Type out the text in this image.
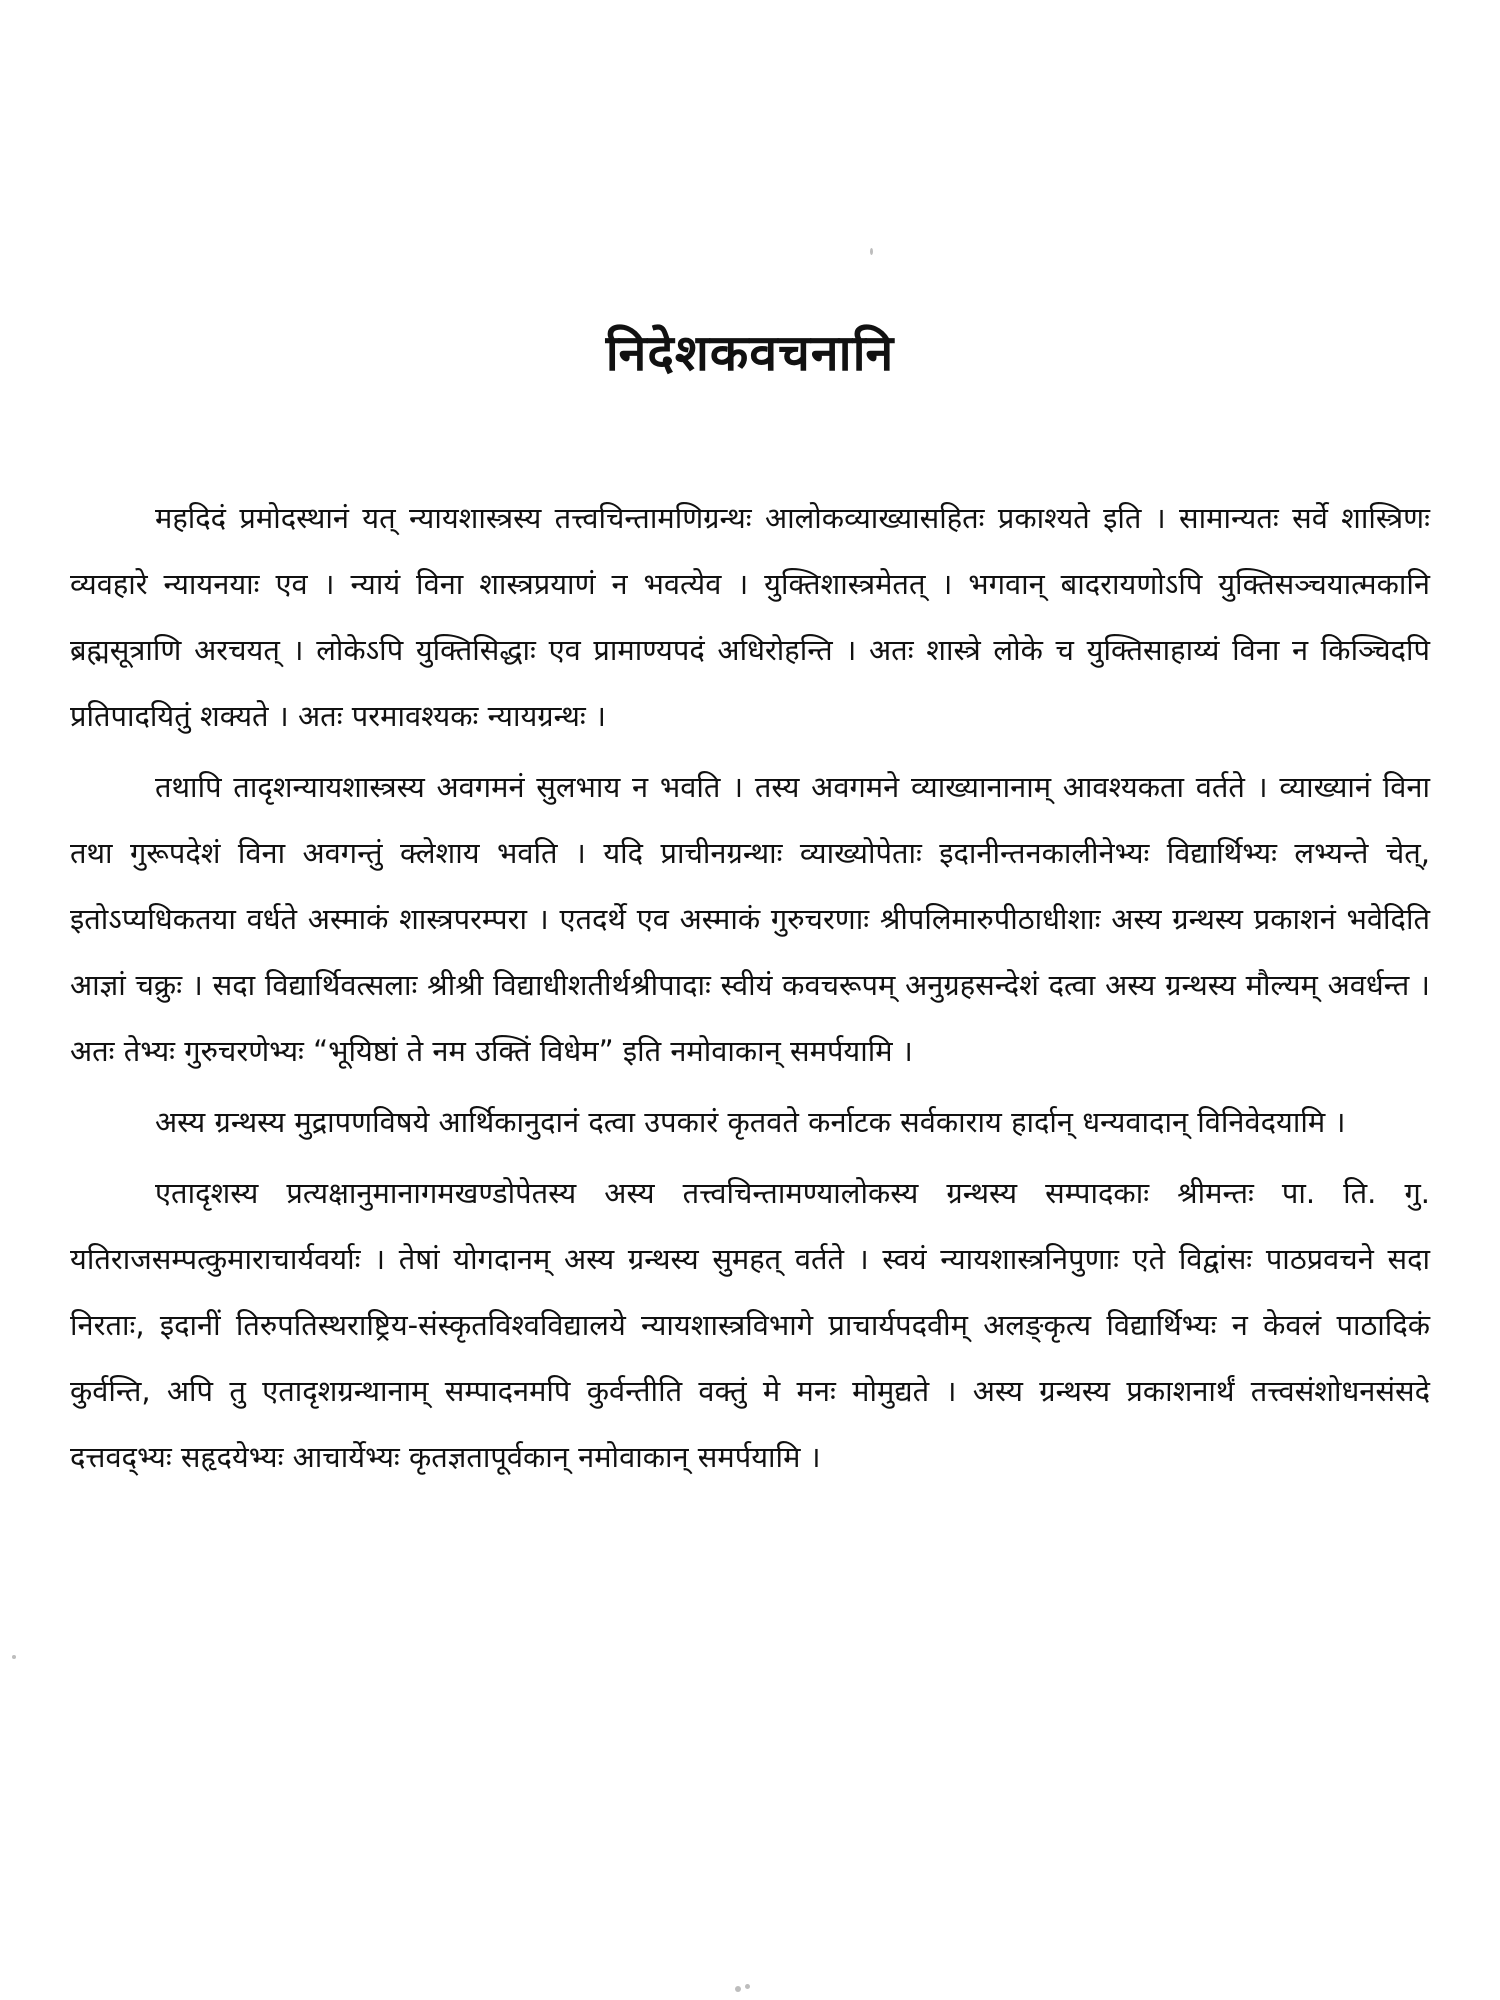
निदेशकवचनानि

महदिदं प्रमोदस्थानं यत् न्यायशास्त्रस्य तत्त्वचिन्तामणिग्रन्थः आलोकव्याख्यासहितः प्रकाश्यते इति । सामान्यतः सर्वे शास्त्रिणः व्यवहारे न्यायनयाः एव । न्यायं विना शास्त्रप्रयाणं न भवत्येव । युक्तिशास्त्रमेतत् । भगवान् बादरायणोऽपि युक्तिसञ्चयात्मकानि ब्रह्मसूत्राणि अरचयत् । लोकेऽपि युक्तिसिद्धाः एव प्रामाण्यपदं अधिरोहन्ति । अतः शास्त्रे लोके च युक्तिसाहाय्यं विना न किञ्चिदपि प्रतिपादयितुं शक्यते । अतः परमावश्यकः न्यायग्रन्थः ।

तथापि तादृशन्यायशास्त्रस्य अवगमनं सुलभाय न भवति । तस्य अवगमने व्याख्यानानाम् आवश्यकता वर्तते । व्याख्यानं विना तथा गुरूपदेशं विना अवगन्तुं क्लेशाय भवति । यदि प्राचीनग्रन्थाः व्याख्योपेताः इदानीन्तनकालीनेभ्यः विद्यार्थिभ्यः लभ्यन्ते चेत्, इतोऽप्यधिकतया वर्धते अस्माकं शास्त्रपरम्परा । एतदर्थे एव अस्माकं गुरुचरणाः श्रीपलिमारुपीठाधीशाः अस्य ग्रन्थस्य प्रकाशनं भवेदिति आज्ञां चक्रुः । सदा विद्यार्थिवत्सलाः श्रीश्री विद्याधीशतीर्थश्रीपादाः स्वीयं कवचरूपम् अनुग्रहसन्देशं दत्वा अस्य ग्रन्थस्य मौल्यम् अवर्धन्त । अतः तेभ्यः गुरुचरणेभ्यः “भूयिष्ठां ते नम उक्तिं विधेम” इति नमोवाकान् समर्पयामि ।

अस्य ग्रन्थस्य मुद्रापणविषये आर्थिकानुदानं दत्वा उपकारं कृतवते कर्नाटक सर्वकाराय हार्दान् धन्यवादान् विनिवेदयामि ।

एतादृशस्य प्रत्यक्षानुमानागमखण्डोपेतस्य अस्य तत्त्वचिन्तामण्यालोकस्य ग्रन्थस्य सम्पादकाः श्रीमन्तः पा. ति. गु. यतिराजसम्पत्कुमाराचार्यवर्याः । तेषां योगदानम् अस्य ग्रन्थस्य सुमहत् वर्तते । स्वयं न्यायशास्त्रनिपुणाः एते विद्वांसः पाठप्रवचने सदा निरताः, इदानीं तिरुपतिस्थराष्ट्रिय-संस्कृतविश्वविद्यालये न्यायशास्त्रविभागे प्राचार्यपदवीम् अलङ्कृत्य विद्यार्थिभ्यः न केवलं पाठादिकं कुर्वन्ति, अपि तु एतादृशग्रन्थानाम् सम्पादनमपि कुर्वन्तीति वक्तुं मे मनः मोमुद्यते । अस्य ग्रन्थस्य प्रकाशनार्थं तत्त्वसंशोधनसंसदे दत्तवद्भ्यः सहृदयेभ्यः आचार्येभ्यः कृतज्ञतापूर्वकान् नमोवाकान् समर्पयामि ।
